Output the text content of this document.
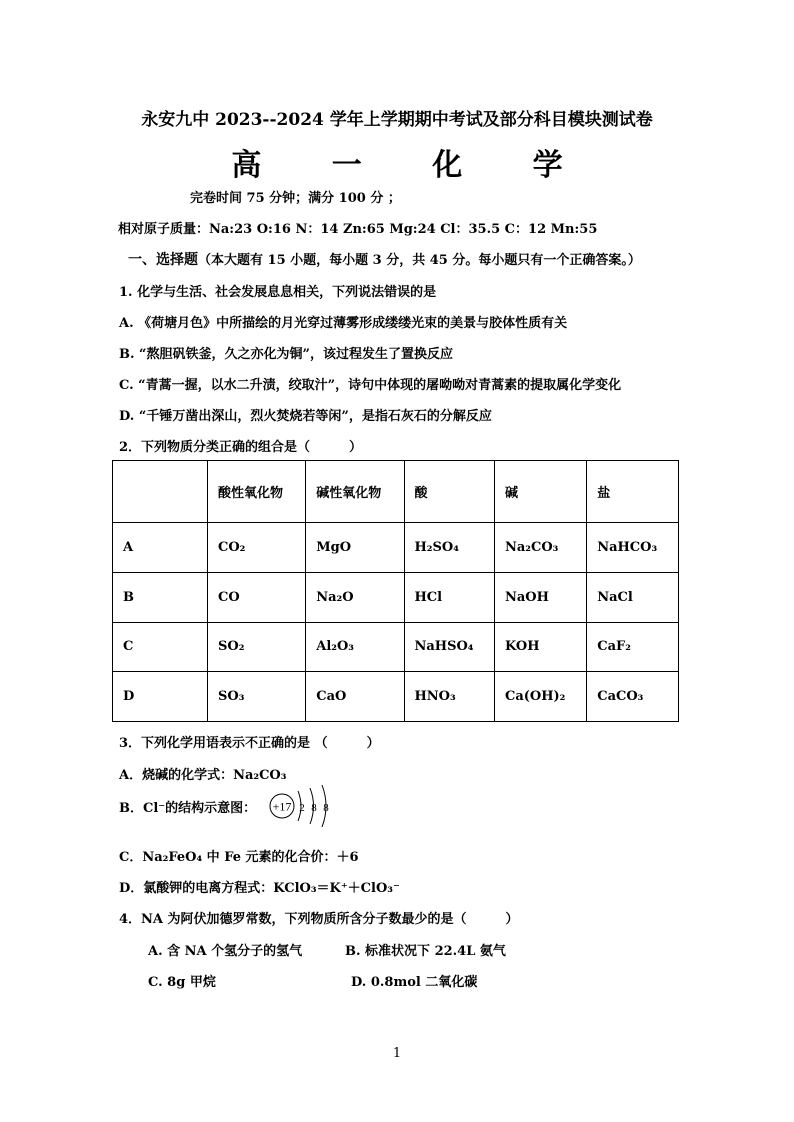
永安九中 2023--2024 学年上学期期中考试及部分科目模块测试卷
高 一 化 学
完卷时间 75 分钟；满分 100 分 ；
相对原子质量：Na:23 O:16 N：14 Zn:65 Mg:24 Cl：35.5 C：12 Mn:55
一、选择题（本大题有 15 小题，每小题 3 分，共 45 分。每小题只有一个正确答案。）
1. 化学与生活、社会发展息息相关，下列说法错误的是
A. 《荷塘月色》中所描绘的月光穿过薄雾形成缕缕光束的美景与胶体性质有关
B. “熬胆矾铁釜，久之亦化为铜”，该过程发生了置换反应
C. “青蒿一握，以水二升渍，绞取汁”，诗句中体现的屠呦呦对青蒿素的提取属化学变化
D. “千锤万凿出深山，烈火焚烧若等闲”，是指石灰石的分解反应
2．下列物质分类正确的组合是（　　　）
	酸性氧化物	碱性氧化物	酸	碱	盐
A	CO₂	MgO	H₂SO₄	Na₂CO₃	NaHCO₃
B	CO	Na₂O	HCl	NaOH	NaCl
C	SO₂	Al₂O₃	NaHSO₄	KOH	CaF₂
D	SO₃	CaO	HNO₃	Ca(OH)₂	CaCO₃
3．下列化学用语表示不正确的是 （　　　）
A．烧碱的化学式：Na₂CO₃
B．Cl⁻的结构示意图： +17 2 8 8
C．Na₂FeO₄ 中 Fe 元素的化合价：＋6
D．氯酸钾的电离方程式：KClO₃＝K⁺＋ClO₃⁻
4．NA 为阿伏加德罗常数，下列物质所含分子数最少的是（　　　）
A. 含 NA 个氢分子的氢气	B. 标准状况下 22.4L 氨气
C. 8g 甲烷	D. 0.8mol 二氧化碳
1
